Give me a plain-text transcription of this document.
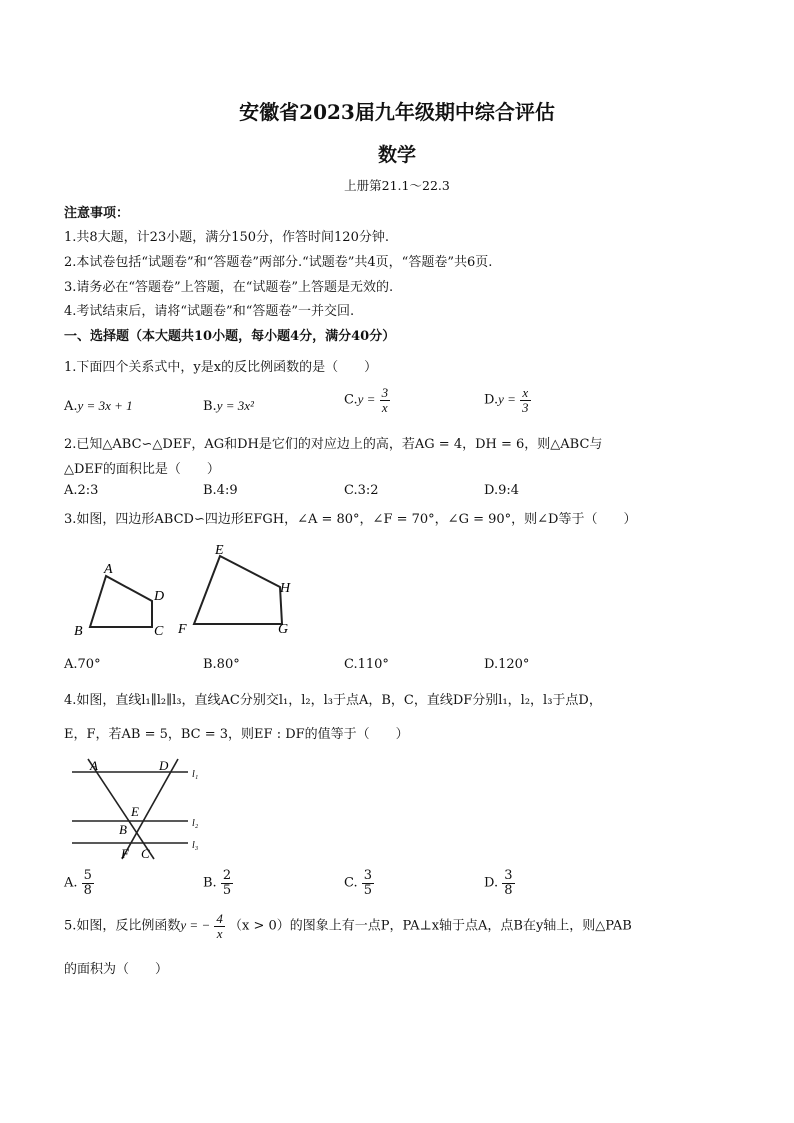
安徽省2023届九年级期中综合评估
数学
上册第21.1～22.3
注意事项：
1.共8大题，计23小题，满分150分，作答时间120分钟.
2.本试卷包括“试题卷”和“答题卷”两部分.“试题卷”共4页，“答题卷”共6页.
3.请务必在“答题卷”上答题，在“试题卷”上答题是无效的.
4.考试结束后，请将“试题卷”和“答题卷”一并交回.
一、选择题（本大题共10小题，每小题4分，满分40分）
1.下面四个关系式中，y是x的反比例函数的是（　　）
A.y = 3x + 1	B.y = 3x²	$C.y = \frac{3}{x}$	$D.y = \frac{x}{3}$
2.已知△ABC∽△DEF，AG和DH是它们的对应边上的高，若AG = 4，DH = 6，则△ABC与
△DEF的面积比是（　　）
A.2:3	B.4:9	C.3:2	D.9:4
3.如图，四边形ABCD∽四边形EFGH，∠A = 80°，∠F = 70°，∠G = 90°，则∠D等于（　　）
A
B	C
D
E
F	G
H
A.70°	B.80°	C.110°	D.120°
4.如图，直线l₁∥l₂∥l₃，直线AC分别交l₁，l₂，l₃于点A，B，C，直线DF分别l₁，l₂，l₃于点D，
E，F，若AB = 5，BC = 3，则EF : DF的值等于（　　）
A	D
E
B
F C
l₁
l₂
l₃
A. $\frac{5}{8}$	B. $\frac{2}{5}$	C. $\frac{3}{5}$	D. $\frac{3}{8}$
5.如图，反比例函数y = − $\frac{4}{x} (x > 0)$的图象上有一点P，PA⊥x轴于点A，点B在y轴上，则△PAB
的面积为（　　）
